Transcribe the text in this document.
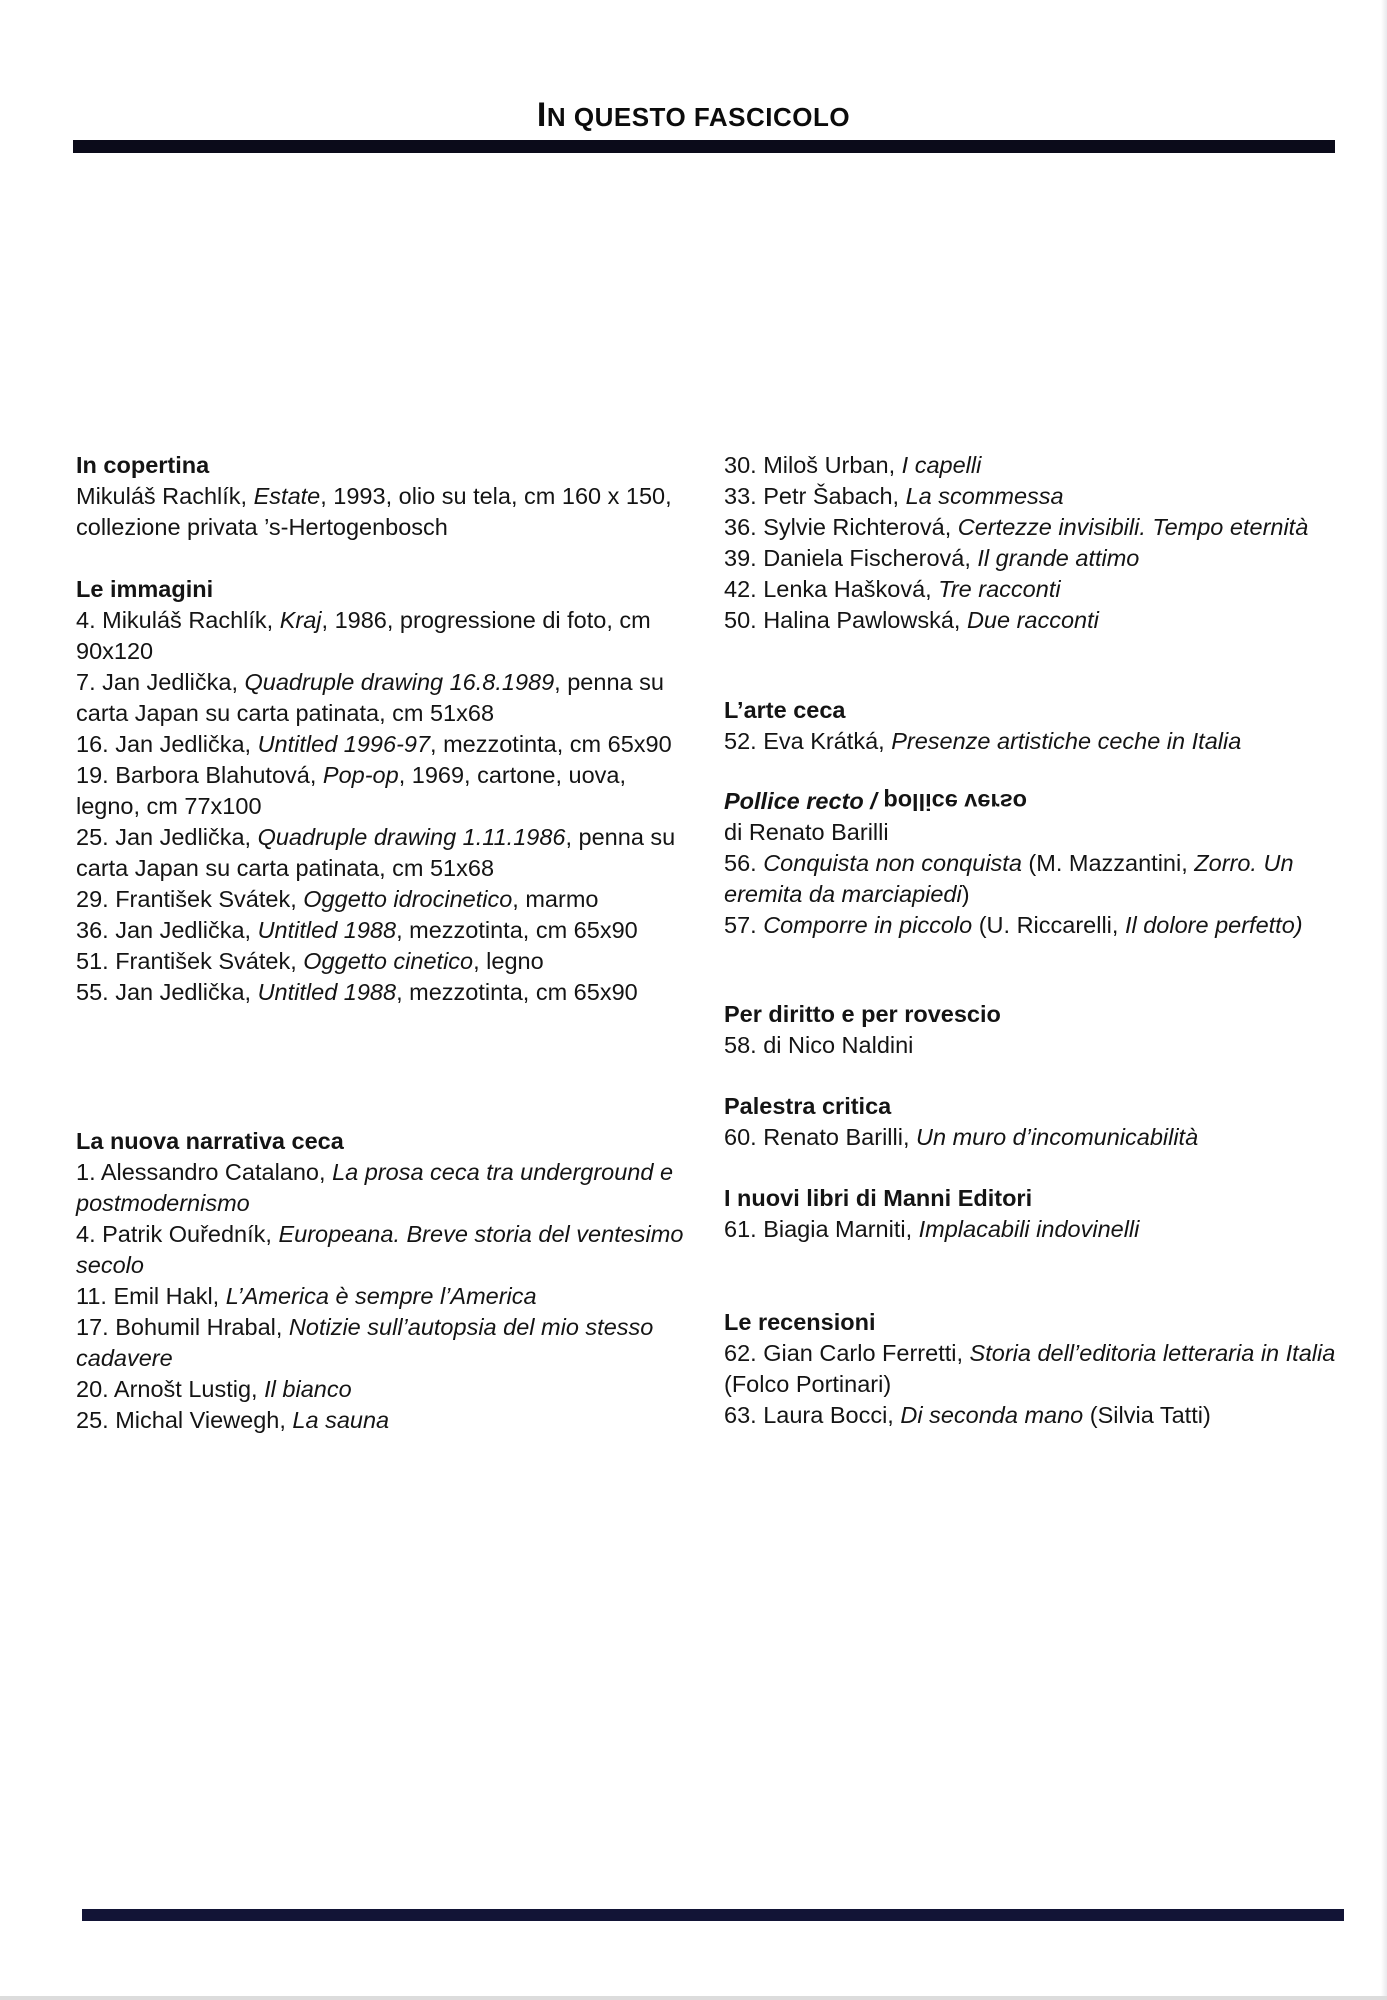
IN QUESTO FASCICOLO
In copertina
Mikuláš Rachlík, Estate, 1993, olio su tela, cm 160 x 150, collezione privata ’s-Hertogenbosch
Le immagini
4. Mikuláš Rachlík, Kraj, 1986, progressione di foto, cm 90x120
7. Jan Jedlička, Quadruple drawing 16.8.1989, penna su carta Japan su carta patinata, cm 51x68
16. Jan Jedlička, Untitled 1996-97, mezzotinta, cm 65x90
19. Barbora Blahutová, Pop-op, 1969, cartone, uova, legno, cm 77x100
25. Jan Jedlička, Quadruple drawing 1.11.1986, penna su carta Japan su carta patinata, cm 51x68
29. František Svátek, Oggetto idrocinetico, marmo
36. Jan Jedlička, Untitled 1988, mezzotinta, cm 65x90
51. František Svátek, Oggetto cinetico, legno
55. Jan Jedlička, Untitled 1988, mezzotinta, cm 65x90
La nuova narrativa ceca
1. Alessandro Catalano, La prosa ceca tra underground e postmodernismo
4. Patrik Ouředník, Europeana. Breve storia del ventesimo secolo
11. Emil Hakl, L’America è sempre l’America
17. Bohumil Hrabal, Notizie sull’autopsia del mio stesso cadavere
20. Arnošt Lustig, Il bianco
25. Michal Viewegh, La sauna
30. Miloš Urban, I capelli
33. Petr Šabach, La scommessa
36. Sylvie Richterová, Certezze invisibili. Tempo eternità
39. Daniela Fischerová, Il grande attimo
42. Lenka Hašková, Tre racconti
50. Halina Pawlowská, Due racconti
L’arte ceca
52. Eva Krátká, Presenze artistiche ceche in Italia
Pollice recto / pollice verso
di Renato Barilli
56. Conquista non conquista (M. Mazzantini, Zorro. Un eremita da marciapiedi)
57. Comporre in piccolo (U. Riccarelli, Il dolore perfetto)
Per diritto e per rovescio
58. di Nico Naldini
Palestra critica
60. Renato Barilli, Un muro d’incomunicabilità
I nuovi libri di Manni Editori
61. Biagia Marniti, Implacabili indovinelli
Le recensioni
62. Gian Carlo Ferretti, Storia dell’editoria letteraria in Italia (Folco Portinari)
63. Laura Bocci, Di seconda mano (Silvia Tatti)
